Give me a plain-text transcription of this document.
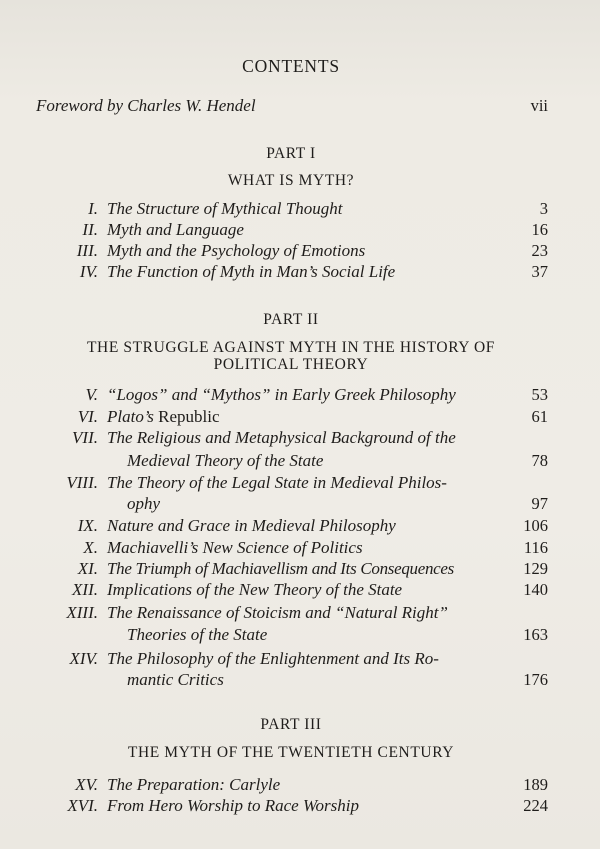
CONTENTS
Foreword by Charles W. Hendel	vii
PART I
WHAT IS MYTH?
I. The Structure of Mythical Thought	3
II. Myth and Language	16
III. Myth and the Psychology of Emotions	23
IV. The Function of Myth in Man’s Social Life	37
PART II
THE STRUGGLE AGAINST MYTH IN THE HISTORY OF
POLITICAL THEORY
V. “Logos” and “Mythos” in Early Greek Philosophy	53
VI. Plato’s Republic	61
VII. The Religious and Metaphysical Background of the
Medieval Theory of the State	78
VIII. The Theory of the Legal State in Medieval Philos-
ophy	97
IX. Nature and Grace in Medieval Philosophy	106
X. Machiavelli’s New Science of Politics	116
XI. The Triumph of Machiavellism and Its Consequences	129
XII. Implications of the New Theory of the State	140
XIII. The Renaissance of Stoicism and “Natural Right”
Theories of the State	163
XIV. The Philosophy of the Enlightenment and Its Ro-
mantic Critics	176
PART III
THE MYTH OF THE TWENTIETH CENTURY
XV. The Preparation: Carlyle	189
XVI. From Hero Worship to Race Worship	224
